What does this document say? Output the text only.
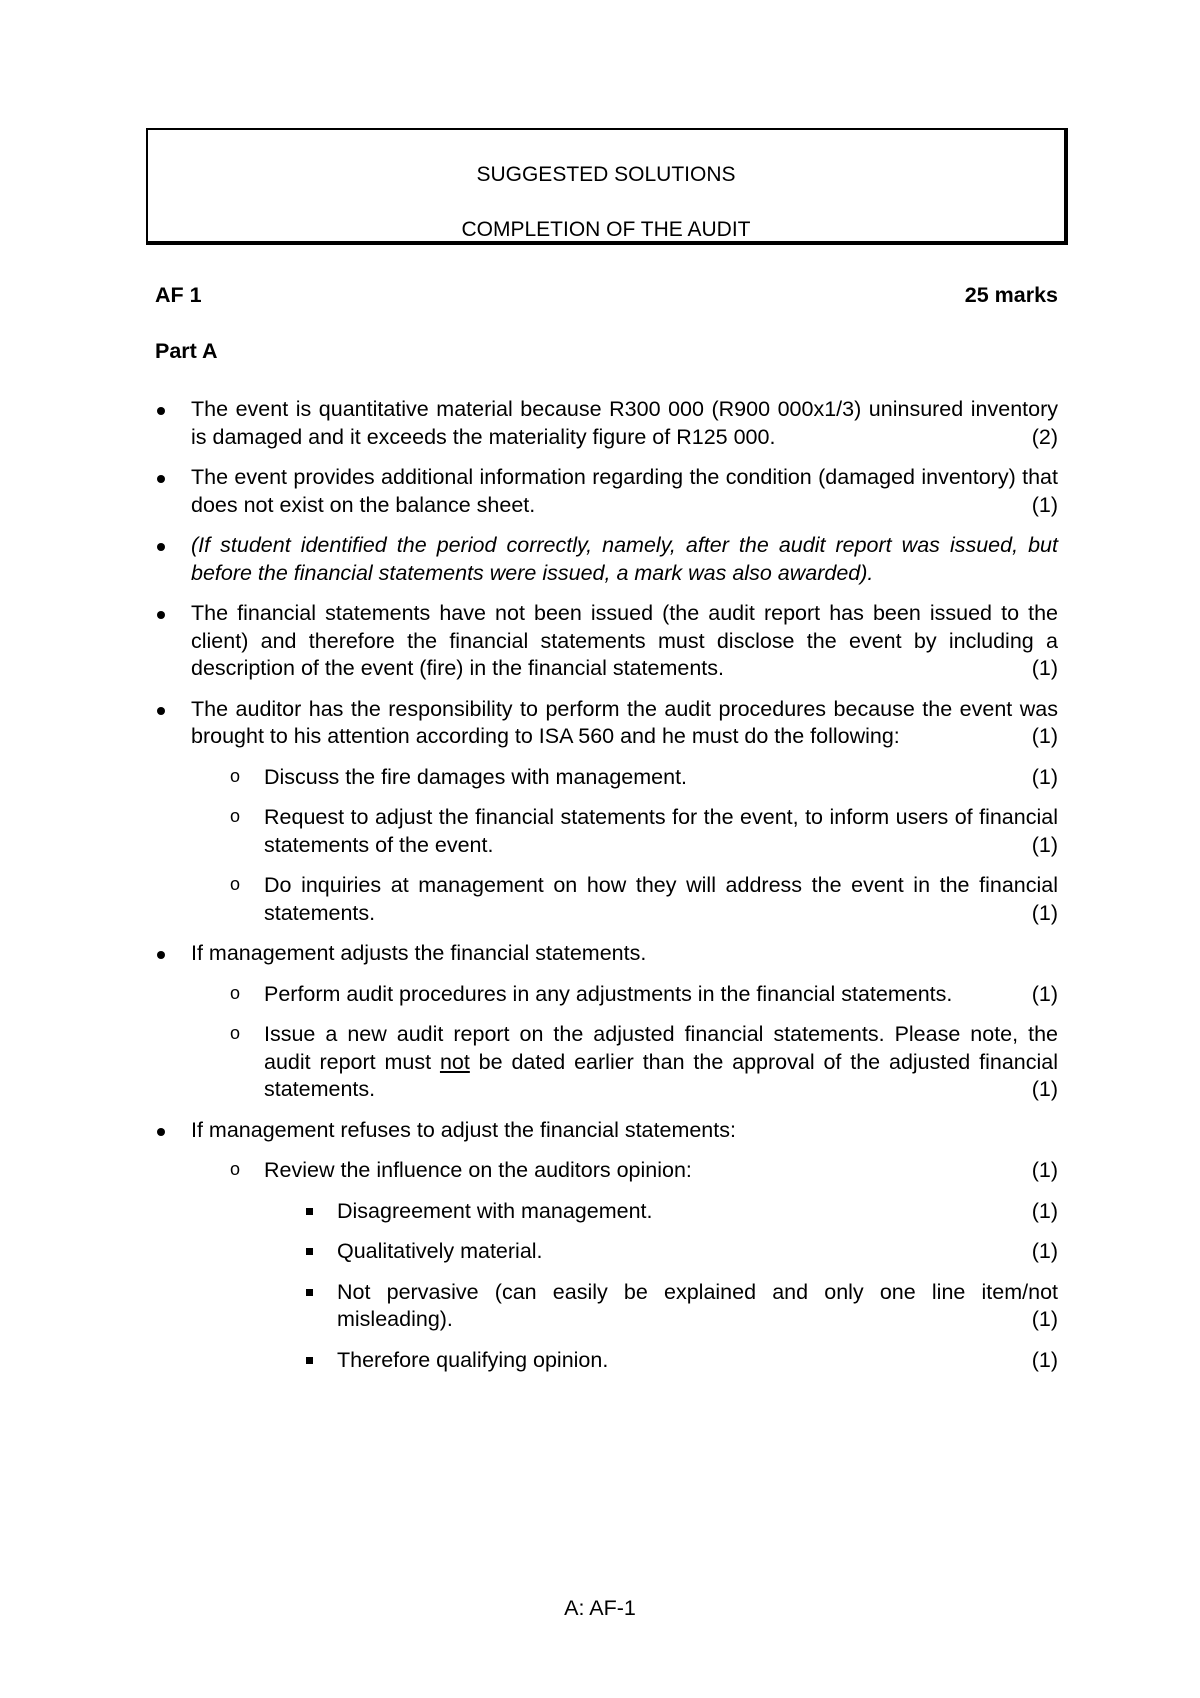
SUGGESTED SOLUTIONS
COMPLETION OF THE AUDIT
AF 1	25 marks
Part A
The event is quantitative material because R300 000 (R900 000x1/3) uninsured inventory is damaged and it exceeds the materiality figure of R125 000.	(2)
The event provides additional information regarding the condition (damaged inventory) that does not exist on the balance sheet.	(1)
(If student identified the period correctly, namely, after the audit report was issued, but before the financial statements were issued, a mark was also awarded).
The financial statements have not been issued (the audit report has been issued to the client) and therefore the financial statements must disclose the event by including a description of the event (fire) in the financial statements.	(1)
The auditor has the responsibility to perform the audit procedures because the event was brought to his attention according to ISA 560 and he must do the following:	(1)
o Discuss the fire damages with management.	(1)
o Request to adjust the financial statements for the event, to inform users of financial statements of the event.	(1)
o Do inquiries at management on how they will address the event in the financial statements.	(1)
If management adjusts the financial statements.
o Perform audit procedures in any adjustments in the financial statements.	(1)
o Issue a new audit report on the adjusted financial statements. Please note, the audit report must not be dated earlier than the approval of the adjusted financial statements.	(1)
If management refuses to adjust the financial statements:
o Review the influence on the auditors opinion:	(1)
Disagreement with management.	(1)
Qualitatively material.	(1)
Not pervasive (can easily be explained and only one line item/not misleading).	(1)
Therefore qualifying opinion.	(1)
A: AF-1
